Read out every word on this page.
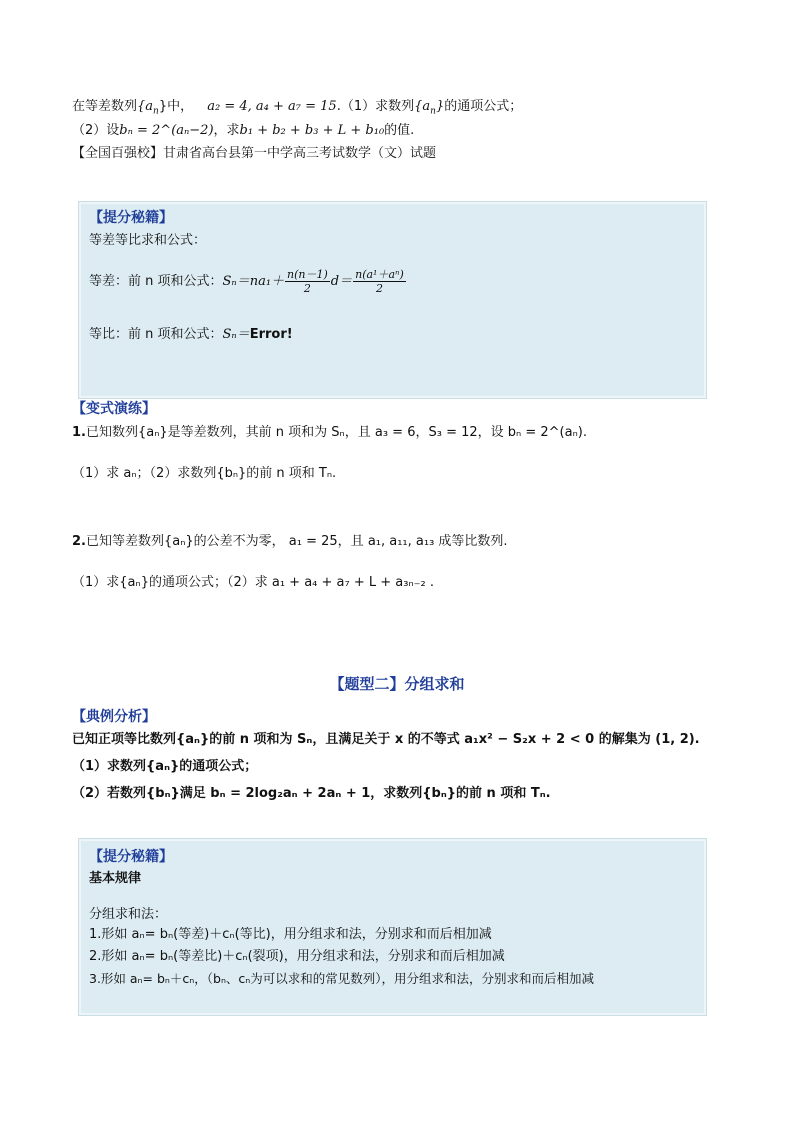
在等差数列$\{a_n\}$中， a₂ = 4, a₄ + a₇ = 15.（1）求数列$\{a_n\}$的通项公式；
（2）设bₙ = 2^(aₙ−2)，求b₁ + b₂ + b₃ + L + b₁₀的值.
【全国百强校】甘肃省高台县第一中学高三考试数学（文）试题
【提分秘籍】
等差等比求和公式：
等差：前 n 项和公式：$S_n=na_1+ \frac{n(n-1)}{2} d= \frac{\text{n(a¹＋aⁿ)}}{2}$
等比：前 n 项和公式：Sₙ＝Error!
【变式演练】
1.已知数列{aₙ}是等差数列，其前 n 项和为 Sₙ，且 a₃ = 6，S₃ = 12，设 bₙ = 2^(aₙ).
（1）求 aₙ；（2）求数列{bₙ}的前 n 项和 Tₙ.
2.已知等差数列{aₙ}的公差不为零， a₁ = 25，且 a₁, a₁₁, a₁₃ 成等比数列.
（1）求{aₙ}的通项公式；（2）求 a₁ + a₄ + a₇ + L + a₃ₙ₋₂ .
【题型二】分组求和
【典例分析】
已知正项等比数列{aₙ}的前 n 项和为 Sₙ，且满足关于 x 的不等式 a₁x² − S₂x + 2 < 0 的解集为 (1, 2).
（1）求数列{aₙ}的通项公式；
（2）若数列{bₙ}满足 bₙ = 2log₂aₙ + 2aₙ + 1，求数列{bₙ}的前 n 项和 Tₙ.
【提分秘籍】
基本规律
分组求和法：
1.形如 aₙ= bₙ(等差)＋cₙ(等比)，用分组求和法，分别求和而后相加减
2.形如 aₙ= bₙ(等差比)＋cₙ(裂项)，用分组求和法，分别求和而后相加减
3.形如 aₙ= bₙ＋cₙ，（bₙ、cₙ为可以求和的常见数列），用分组求和法，分别求和而后相加减
